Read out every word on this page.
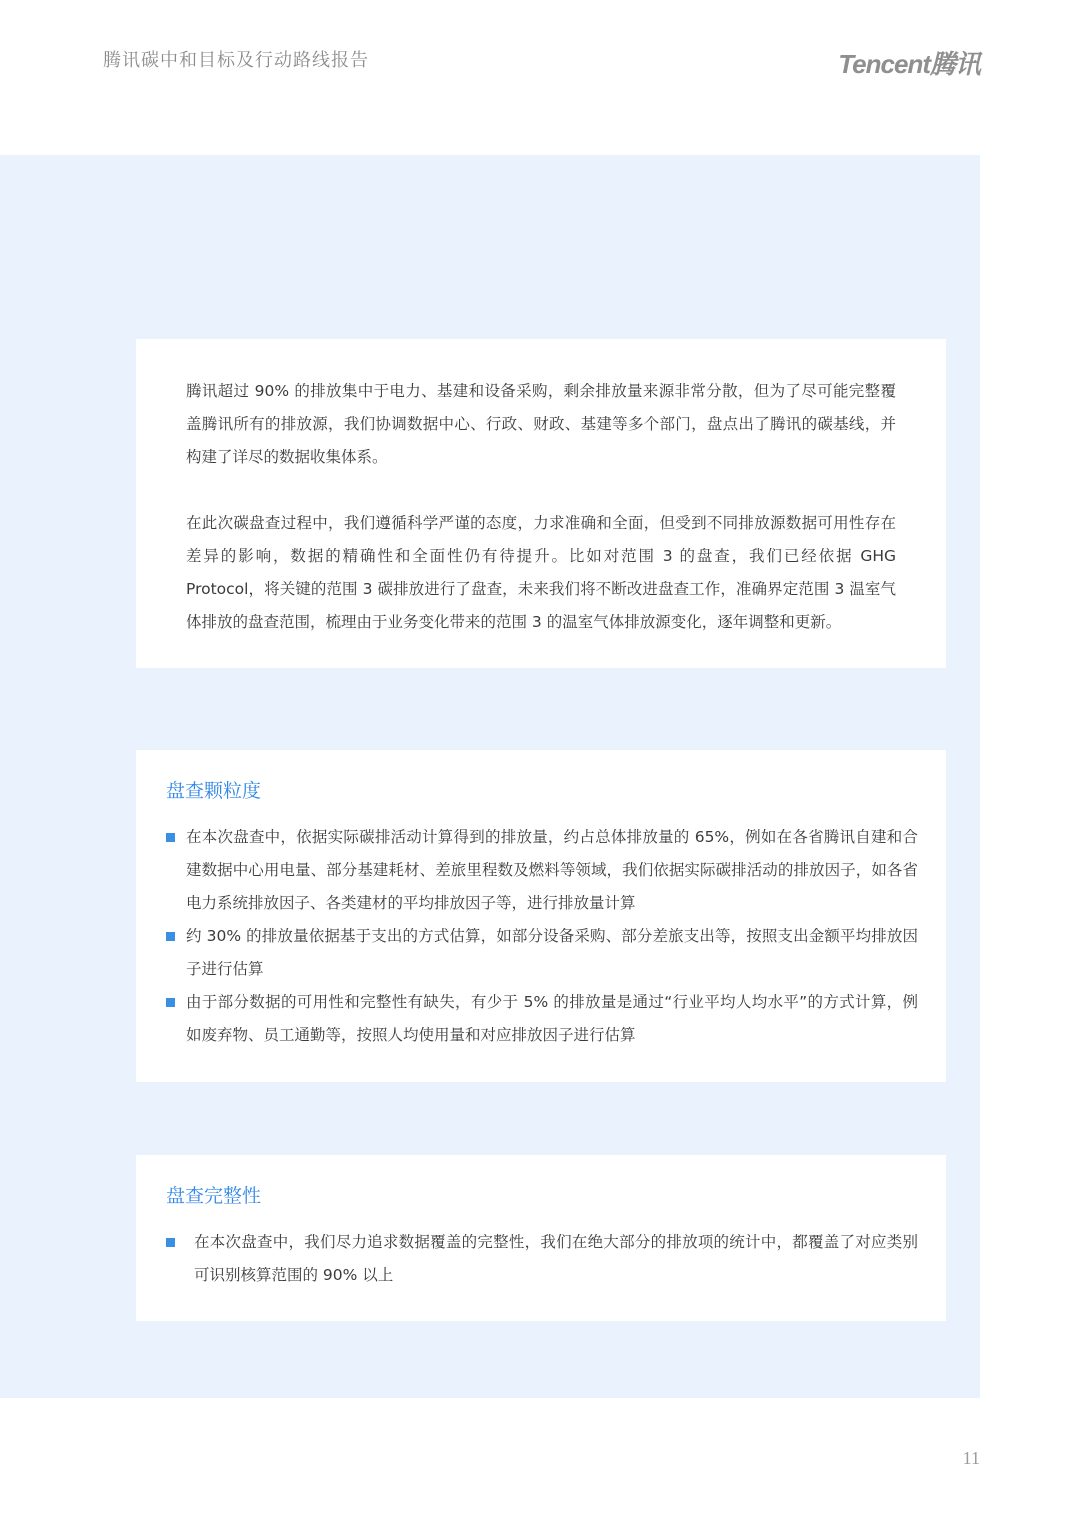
腾讯碳中和目标及行动路线报告	Tencent腾讯

腾讯超过 90% 的排放集中于电力、基建和设备采购，剩余排放量来源非常分散，但为了尽可能完整覆盖腾讯所有的排放源，我们协调数据中心、行政、财政、基建等多个部门，盘点出了腾讯的碳基线，并构建了详尽的数据收集体系。

在此次碳盘查过程中，我们遵循科学严谨的态度，力求准确和全面，但受到不同排放源数据可用性存在差异的影响，数据的精确性和全面性仍有待提升。比如对范围 3 的盘查，我们已经依据 GHG Protocol，将关键的范围 3 碳排放进行了盘查，未来我们将不断改进盘查工作，准确界定范围 3 温室气体排放的盘查范围，梳理由于业务变化带来的范围 3 的温室气体排放源变化，逐年调整和更新。

盘查颗粒度
在本次盘查中，依据实际碳排活动计算得到的排放量，约占总体排放量的 65%，例如在各省腾讯自建和合建数据中心用电量、部分基建耗材、差旅里程数及燃料等领域，我们依据实际碳排活动的排放因子，如各省电力系统排放因子、各类建材的平均排放因子等，进行排放量计算
约 30% 的排放量依据基于支出的方式估算，如部分设备采购、部分差旅支出等，按照支出金额平均排放因子进行估算
由于部分数据的可用性和完整性有缺失，有少于 5% 的排放量是通过“行业平均人均水平”的方式计算，例如废弃物、员工通勤等，按照人均使用量和对应排放因子进行估算
盘查完整性
在本次盘查中，我们尽力追求数据覆盖的完整性，我们在绝大部分的排放项的统计中，都覆盖了对应类别可识别核算范围的 90% 以上
11
